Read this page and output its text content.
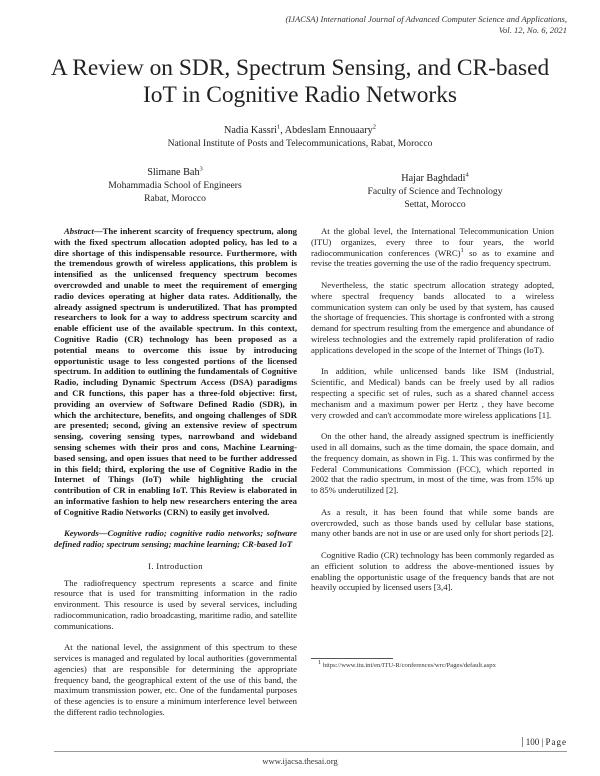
(IJACSA) International Journal of Advanced Computer Science and Applications,
Vol. 12, No. 6, 2021
A Review on SDR, Spectrum Sensing, and CR-based
IoT in Cognitive Radio Networks
Nadia Kassri$^1$, Abdeslam Ennouaary$^2$
National Institute of Posts and Telecommunications, Rabat, Morocco
Slimane Bah$^3$
Mohammadia School of Engineers
Rabat, Morocco
Hajar Baghdadi$^4$
Faculty of Science and Technology
Settat, Morocco

Abstract—The inherent scarcity of frequency spectrum, along with the fixed spectrum allocation adopted policy, has led to a dire shortage of this indispensable resource. Furthermore, with the tremendous growth of wireless applications, this problem is intensified as the unlicensed frequency spectrum becomes overcrowded and unable to meet the requirement of emerging radio devices operating at higher data rates. Additionally, the already assigned spectrum is underutilized. That has prompted researchers to look for a way to address spectrum scarcity and enable efficient use of the available spectrum. In this context, Cognitive Radio (CR) technology has been proposed as a potential means to overcome this issue by introducing opportunistic usage to less congested portions of the licensed spectrum. In addition to outlining the fundamentals of Cognitive Radio, including Dynamic Spectrum Access (DSA) paradigms and CR functions, this paper has a three-fold objective: first, providing an overview of Software Defined Radio (SDR), in which the architecture, benefits, and ongoing challenges of SDR are presented; second, giving an extensive review of spectrum sensing, covering sensing types, narrowband and wideband sensing schemes with their pros and cons, Machine Learning-based sensing, and open issues that need to be further addressed in this field; third, exploring the use of Cognitive Radio in the Internet of Things (IoT) while highlighting the crucial contribution of CR in enabling IoT. This Review is elaborated in an informative fashion to help new researchers entering the area of Cognitive Radio Networks (CRN) to easily get involved.

Keywords—Cognitive radio; cognitive radio networks; software defined radio; spectrum sensing; machine learning; CR-based IoT

I. Introduction

The radiofrequency spectrum represents a scarce and finite resource that is used for transmitting information in the radio environment. This resource is used by several services, including radiocommunication, radio broadcasting, maritime radio, and satellite communications.

At the national level, the assignment of this spectrum to these services is managed and regulated by local authorities (governmental agencies) that are responsible for determining the appropriate frequency band, the geographical extent of the use of this band, the maximum transmission power, etc. One of the fundamental purposes of these agencies is to ensure a minimum interference level between the different radio technologies.

At the global level, the International Telecommunication Union (ITU) organizes, every three to four years, the world radiocommunication conferences (WRC)$^1$ so as to examine and revise the treaties governing the use of the radio frequency spectrum.

Nevertheless, the static spectrum allocation strategy adopted, where spectral frequency bands allocated to a wireless communication system can only be used by that system, has caused the shortage of frequencies. This shortage is confronted with a strong demand for spectrum resulting from the emergence and abundance of wireless technologies and the extremely rapid proliferation of radio applications developed in the scope of the Internet of Things (IoT).

In addition, while unlicensed bands like ISM (Industrial, Scientific, and Medical) bands can be freely used by all radios respecting a specific set of rules, such as a shared channel access mechanism and a maximum power per Hertz , they have become very crowded and can't accommodate more wireless applications [1].

On the other hand, the already assigned spectrum is inefficiently used in all domains, such as the time domain, the space domain, and the frequency domain, as shown in Fig. 1. This was confirmed by the Federal Communications Commission (FCC), which reported in 2002 that the radio spectrum, in most of the time, was from 15% up to 85% underutilized [2].

As a result, it has been found that while some bands are overcrowded, such as those bands used by cellular base stations, many other bands are not in use or are used only for short periods [2].

Cognitive Radio (CR) technology has been commonly regarded as an efficient solution to address the above-mentioned issues by enabling the opportunistic usage of the frequency bands that are not heavily occupied by licensed users [3,4].

$^1$ https://www.itu.int/en/ITU-R/conferences/wrc/Pages/default.aspx
100 | Page
www.ijacsa.thesai.org
